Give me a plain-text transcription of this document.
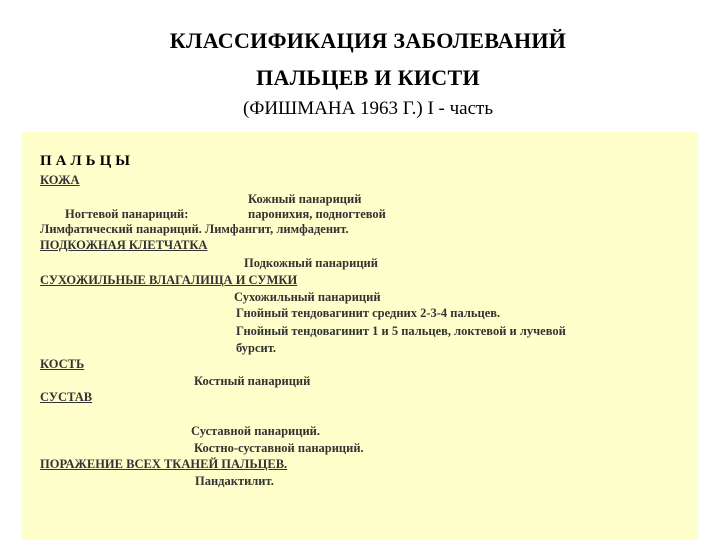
КЛАССИФИКАЦИЯ ЗАБОЛЕВАНИЙ
ПАЛЬЦЕВ И КИСТИ
(ФИШМАНА 1963 Г.) I - часть
ПАЛЬЦЫ
КОЖА
Кожный панариций
Ногтевой панариций:	паронихия, подногтевой
Лимфатический панариций. Лимфангит, лимфаденит.
ПОДКОЖНАЯ КЛЕТЧАТКА
Подкожный панариций
СУХОЖИЛЬНЫЕ ВЛАГАЛИЩА И СУМКИ
Сухожильный панариций
Гнойный тендовагинит средних 2-3-4 пальцев.
Гнойный тендовагинит 1 и 5 пальцев, локтевой и лучевой
бурсит.
КОСТЬ
Костный панариций
СУСТАВ
Суставной панариций.
Костно-суставной панариций.
ПОРАЖЕНИЕ ВСЕХ ТКАНЕЙ ПАЛЬЦЕВ.
Пандактилит.
